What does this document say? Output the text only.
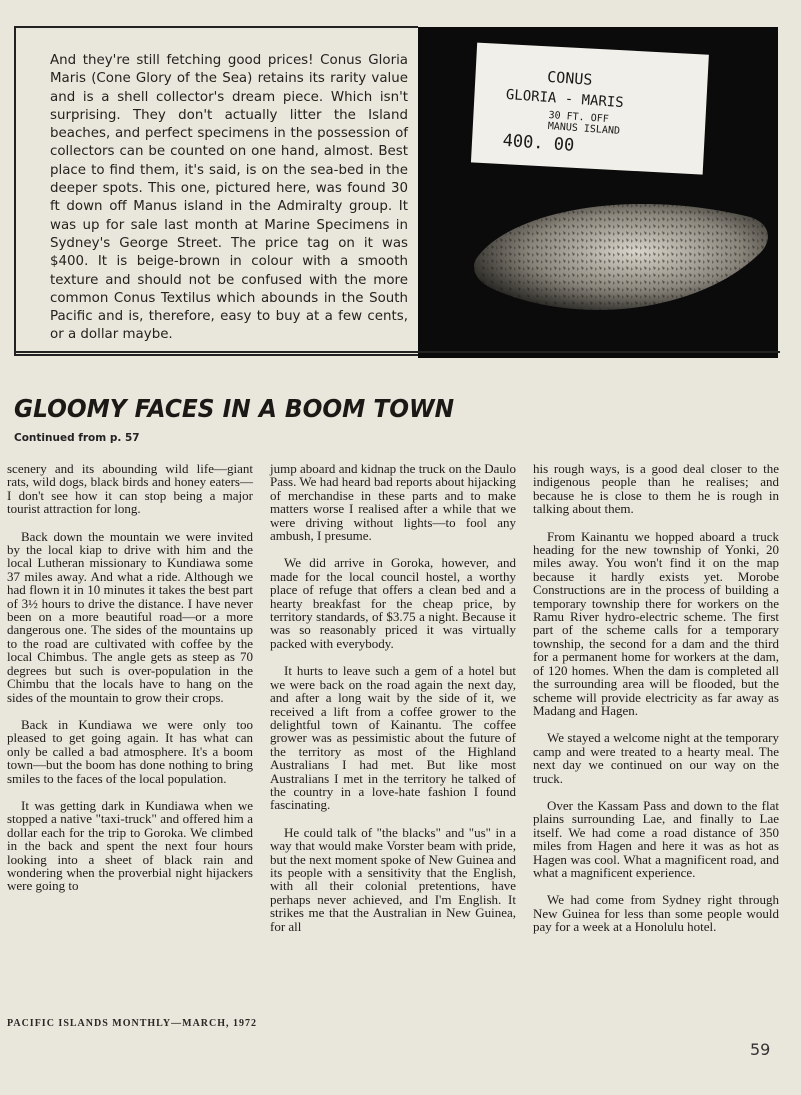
And they're still fetching good prices! Conus Gloria Maris (Cone Glory of the Sea) retains its rarity value and is a shell collector's dream piece. Which isn't surprising. They don't actually litter the Island beaches, and perfect specimens in the possession of collectors can be counted on one hand, almost. Best place to find them, it's said, is on the sea-bed in the deeper spots. This one, pictured here, was found 30 ft down off Manus island in the Admiralty group. It was up for sale last month at Marine Specimens in Sydney's George Street. The price tag on it was $400. It is beige-brown in colour with a smooth texture and should not be confused with the more common Conus Textilus which abounds in the South Pacific and is, therefore, easy to buy at a few cents, or a dollar maybe.

CONUS
GLORIA - MARIS
30 FT. OFF
MANUS ISLAND
400. 00
GLOOMY FACES IN A BOOM TOWN

Continued from p. 57

scenery and its abounding wild life—giant rats, wild dogs, black birds and honey eaters—I don't see how it can stop being a major tourist attraction for long.

Back down the mountain we were invited by the local kiap to drive with him and the local Lutheran missionary to Kundiawa some 37 miles away. And what a ride. Although we had flown it in 10 minutes it takes the best part of 3½ hours to drive the distance. I have never been on a more beautiful road—or a more dangerous one. The sides of the mountains up to the road are cultivated with coffee by the local Chimbus. The angle gets as steep as 70 degrees but such is over-population in the Chimbu that the locals have to hang on the sides of the mountain to grow their crops.

Back in Kundiawa we were only too pleased to get going again. It has what can only be called a bad atmosphere. It's a boom town—but the boom has done nothing to bring smiles to the faces of the local population.

It was getting dark in Kundiawa when we stopped a native "taxi-truck" and offered him a dollar each for the trip to Goroka. We climbed in the back and spent the next four hours looking into a sheet of black rain and wondering when the proverbial night hijackers were going to

jump aboard and kidnap the truck on the Daulo Pass. We had heard bad reports about hijacking of merchandise in these parts and to make matters worse I realised after a while that we were driving without lights—to fool any ambush, I presume.

We did arrive in Goroka, however, and made for the local council hostel, a worthy place of refuge that offers a clean bed and a hearty breakfast for the cheap price, by territory standards, of $3.75 a night. Because it was so reasonably priced it was virtually packed with everybody.

It hurts to leave such a gem of a hotel but we were back on the road again the next day, and after a long wait by the side of it, we received a lift from a coffee grower to the delightful town of Kainantu. The coffee grower was as pessimistic about the future of the territory as most of the Highland Australians I had met. But like most Australians I met in the territory he talked of the country in a love-hate fashion I found fascinating.

He could talk of "the blacks" and "us" in a way that would make Vorster beam with pride, but the next moment spoke of New Guinea and its people with a sensitivity that the English, with all their colonial pretentions, have perhaps never achieved, and I'm English. It strikes me that the Australian in New Guinea, for all

his rough ways, is a good deal closer to the indigenous people than he realises; and because he is close to them he is rough in talking about them.

From Kainantu we hopped aboard a truck heading for the new township of Yonki, 20 miles away. You won't find it on the map because it hardly exists yet. Morobe Constructions are in the process of building a temporary township there for workers on the Ramu River hydro-electric scheme. The first part of the scheme calls for a temporary township, the second for a dam and the third for a permanent home for workers at the dam, of 120 homes. When the dam is completed all the surrounding area will be flooded, but the scheme will provide electricity as far away as Madang and Hagen.

We stayed a welcome night at the temporary camp and were treated to a hearty meal. The next day we continued on our way on the truck.

Over the Kassam Pass and down to the flat plains surrounding Lae, and finally to Lae itself. We had come a road distance of 350 miles from Hagen and here it was as hot as Hagen was cool. What a magnificent road, and what a magnificent experience.

We had come from Sydney right through New Guinea for less than some people would pay for a week at a Honolulu hotel.

PACIFIC ISLANDS MONTHLY—MARCH, 1972

59
